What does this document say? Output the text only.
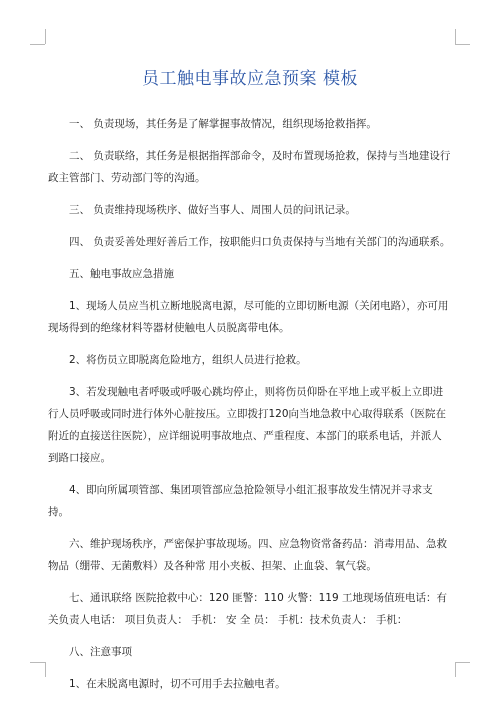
员工触电事故应急预案 模板

一、 负责现场，其任务是了解掌握事故情况，组织现场抢救指挥。

二、 负责联络，其任务是根据指挥部命令，及时布置现场抢救，保持与当地建设行政主管部门、劳动部门等的沟通。

三、 负责维持现场秩序、做好当事人、周围人员的问讯记录。

四、 负责妥善处理好善后工作，按职能归口负责保持与当地有关部门的沟通联系。

五、触电事故应急措施

1、现场人员应当机立断地脱离电源，尽可能的立即切断电源（关闭电路），亦可用现场得到的绝缘材料等器材使触电人员脱离带电体。

2、将伤员立即脱离危险地方，组织人员进行抢救。

3、若发现触电者呼吸或呼吸心跳均停止，则将伤员仰卧在平地上或平板上立即进行人员呼吸或同时进行体外心脏按压。立即拨打120向当地急救中心取得联系（医院在附近的直接送往医院），应详细说明事故地点、严重程度、本部门的联系电话，并派人到路口接应。

4、即向所属项管部、集团项管部应急抢险领导小组汇报事故发生情况并寻求支持。

六、维护现场秩序，严密保护事故现场。四、应急物资常备药品：消毒用品、急救物品（绷带、无菌敷料）及各种常 用小夹板、担架、止血袋、氧气袋。

七、通讯联络 医院抢救中心：120 匪警：110 火警：119 工地现场值班电话：有关负责人电话： 项目负责人： 手机： 安 全 员： 手机：技术负责人： 手机：

八、注意事项

1、在未脱离电源时，切不可用手去拉触电者。
